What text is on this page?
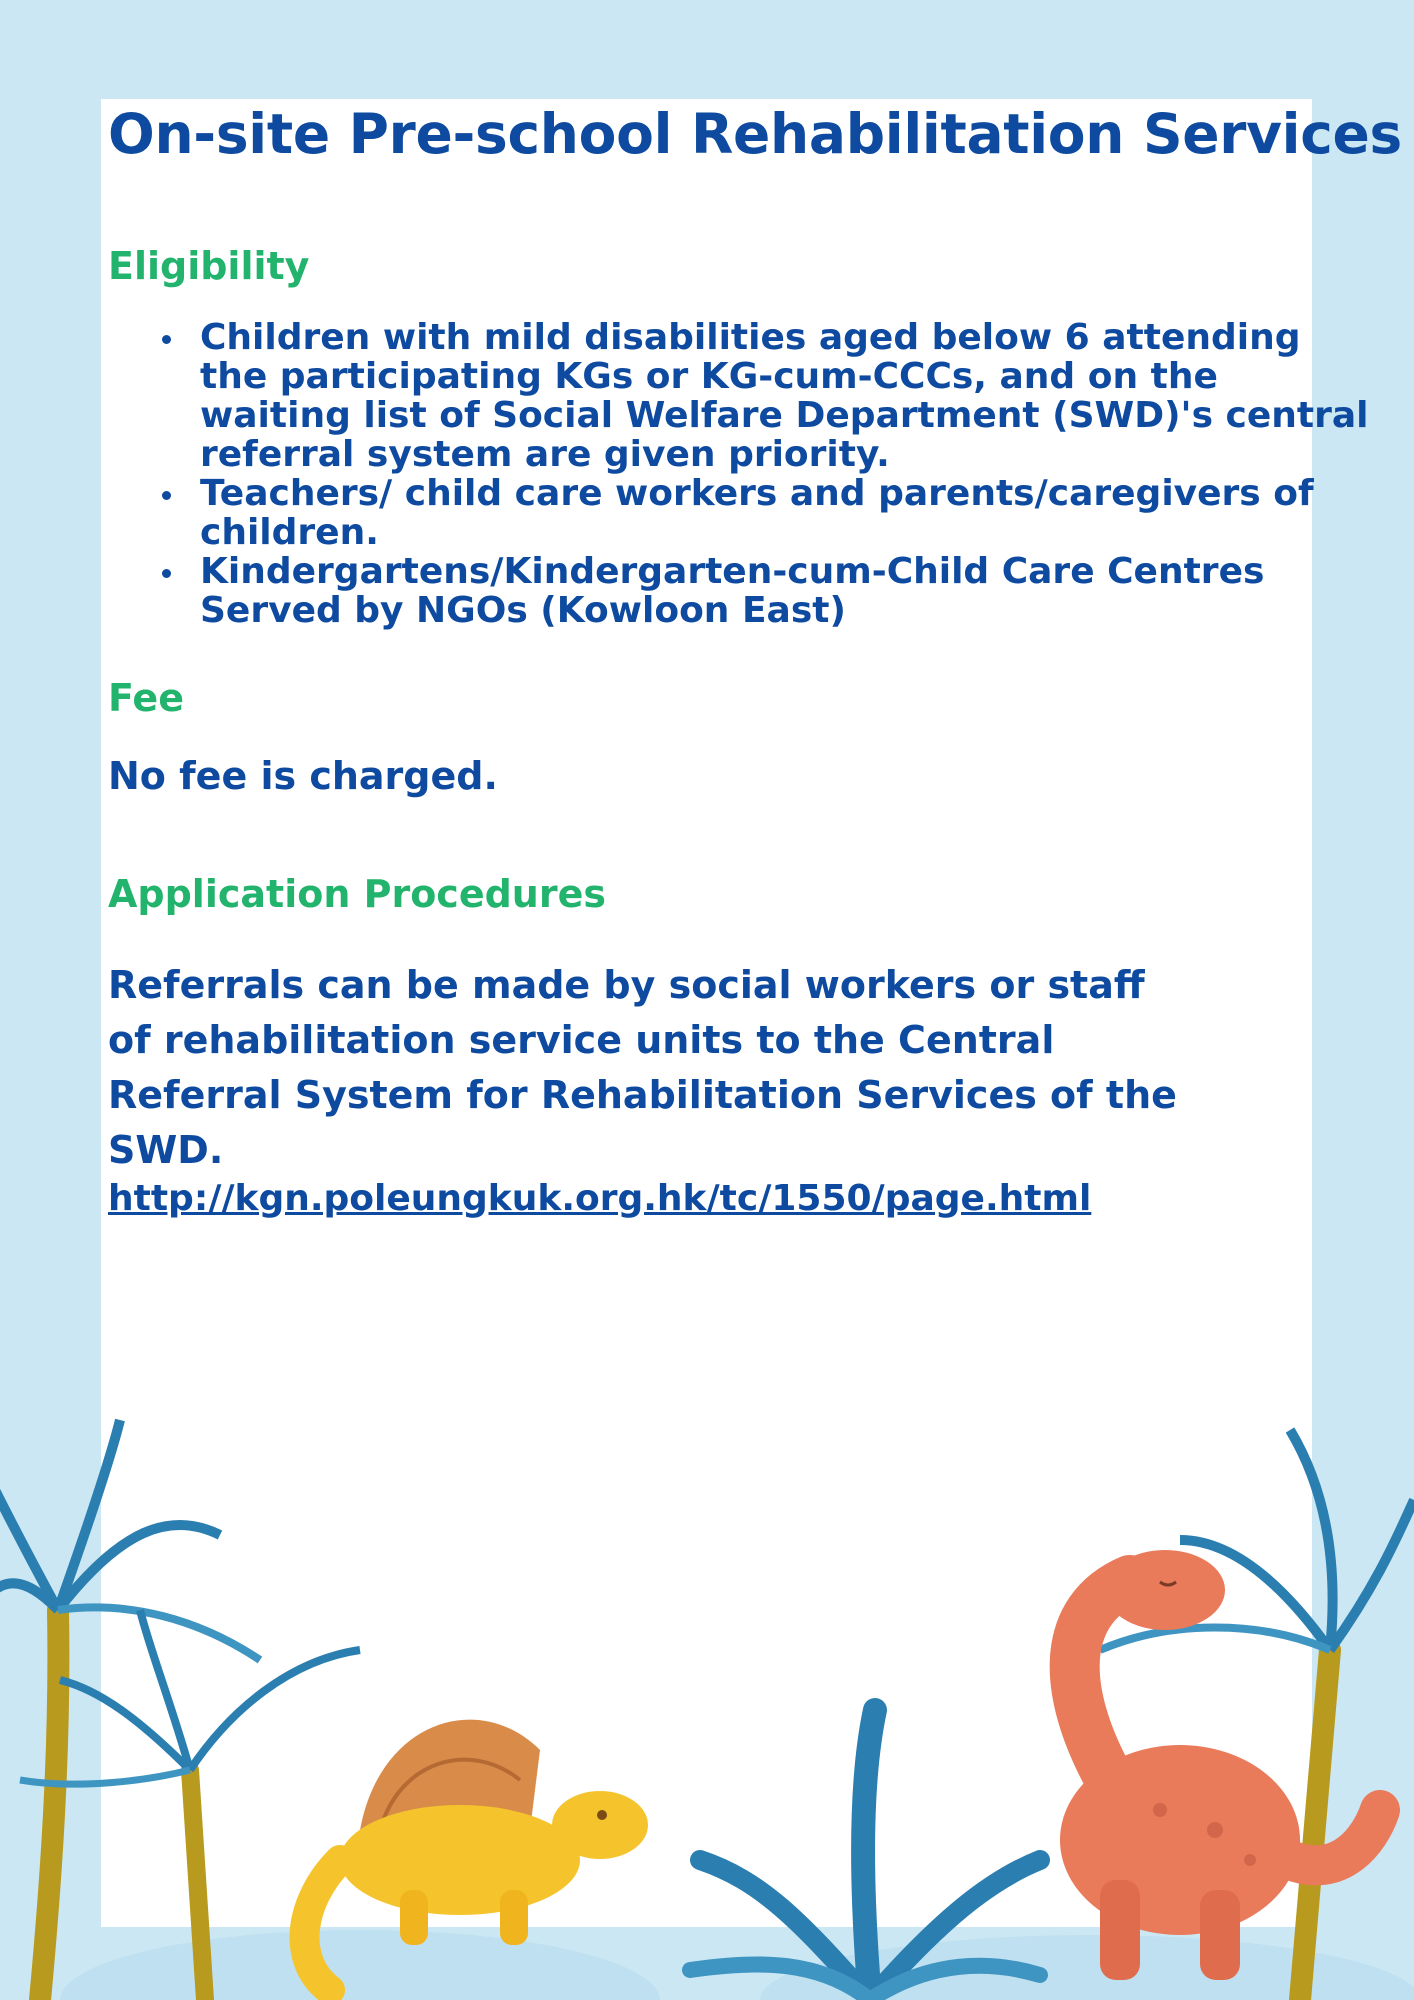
On-site Pre-school Rehabilitation Services
Eligibility
Children with mild disabilities aged below 6 attending the participating KGs or KG-cum-CCCs, and on the waiting list of Social Welfare Department (SWD)'s central referral system are given priority.
Teachers/ child care workers and parents/caregivers of children.
Kindergartens/Kindergarten-cum-Child Care Centres Served by NGOs (Kowloon East)
Fee

No fee is charged.

Application Procedures

Referrals can be made by social workers or staff of rehabilitation service units to the Central Referral System for Rehabilitation Services of the SWD.

http://kgn.poleungkuk.org.hk/tc/1550/page.html
